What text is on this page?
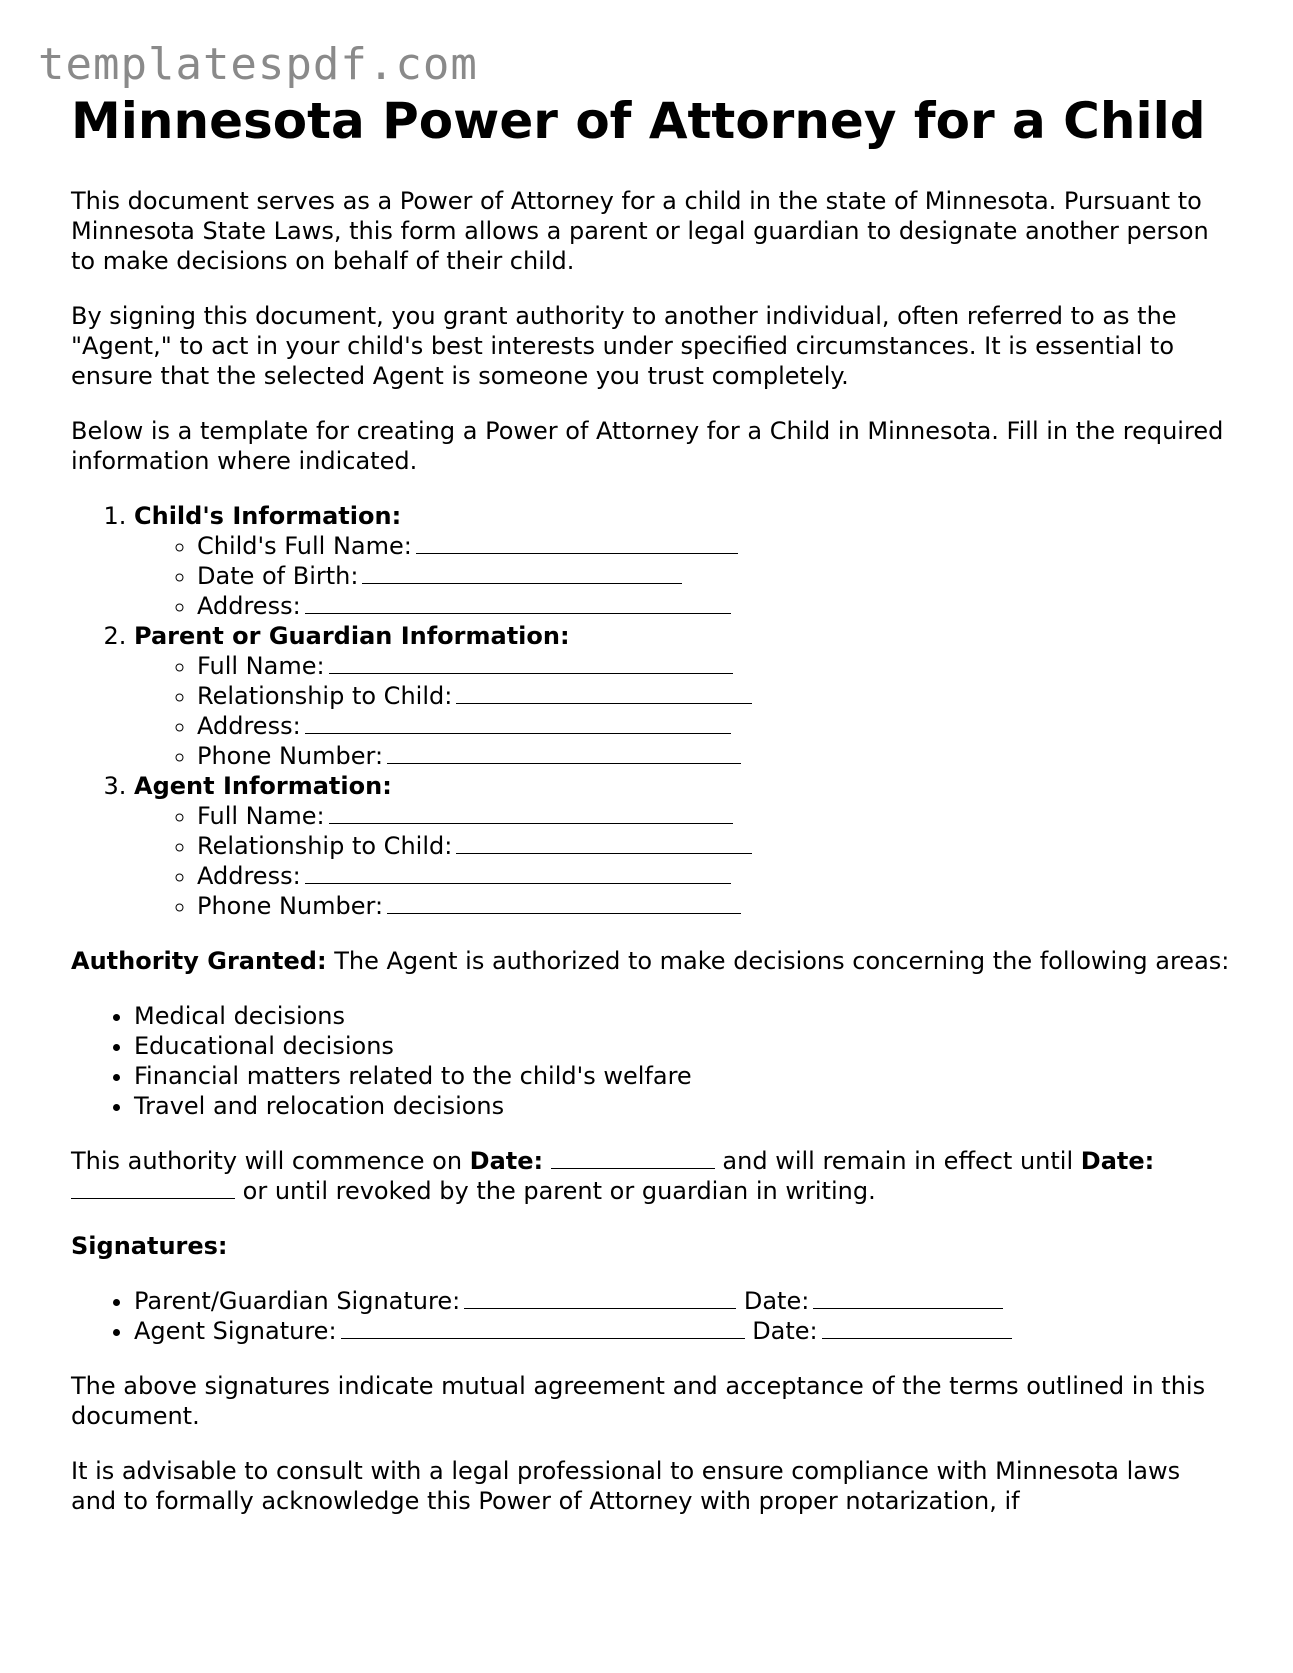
templatespdf.com
Minnesota Power of Attorney for a Child

This document serves as a Power of Attorney for a child in the state of Minnesota. Pursuant to Minnesota State Laws, this form allows a parent or legal guardian to designate another person to make decisions on behalf of their child.

By signing this document, you grant authority to another individual, often referred to as the "Agent," to act in your child's best interests under specified circumstances. It is essential to ensure that the selected Agent is someone you trust completely.

Below is a template for creating a Power of Attorney for a Child in Minnesota. Fill in the required information where indicated.

1. Child's Information:
◦ Child's Full Name:
◦ Date of Birth:
◦ Address:
2. Parent or Guardian Information:
◦ Full Name:
◦ Relationship to Child:
◦ Address:
◦ Phone Number:
3. Agent Information:
◦ Full Name:
◦ Relationship to Child:
◦ Address:
◦ Phone Number:

Authority Granted: The Agent is authorized to make decisions concerning the following areas:

• Medical decisions
• Educational decisions
• Financial matters related to the child's welfare
• Travel and relocation decisions

This authority will commence on Date:	and will remain in effect until Date:  or until revoked by the parent or guardian in writing.

Signatures:

• Parent/Guardian Signature:	Date:
• Agent Signature:	Date:

The above signatures indicate mutual agreement and acceptance of the terms outlined in this document.

It is advisable to consult with a legal professional to ensure compliance with Minnesota laws and to formally acknowledge this Power of Attorney with proper notarization, if
